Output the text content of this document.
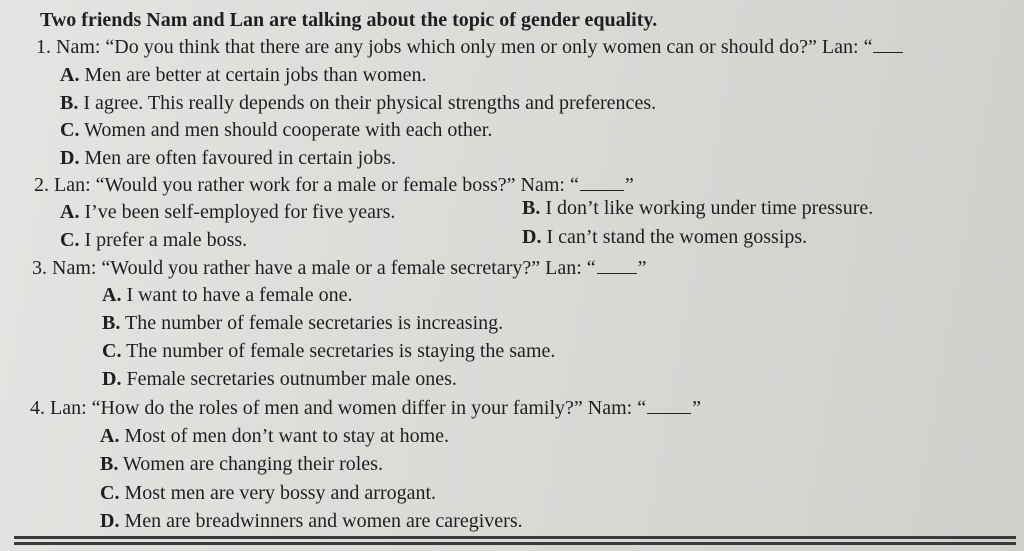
Two friends Nam and Lan are talking about the topic of gender equality.
1. Nam: “Do you think that there are any jobs which only men or only women can or should do?” Lan: “
A. Men are better at certain jobs than women.
B. I agree. This really depends on their physical strengths and preferences.
C. Women and men should cooperate with each other.
D. Men are often favoured in certain jobs.
2. Lan: “Would you rather work for a male or female boss?” Nam: “ ”
A. I’ve been self-employed for five years.	B. I don’t like working under time pressure.
C. I prefer a male boss.	D. I can’t stand the women gossips.
3. Nam: “Would you rather have a male or a female secretary?” Lan: “ ”
A. I want to have a female one.
B. The number of female secretaries is increasing.
C. The number of female secretaries is staying the same.
D. Female secretaries outnumber male ones.
4. Lan: “How do the roles of men and women differ in your family?” Nam: “ ”
A. Most of men don’t want to stay at home.
B. Women are changing their roles.
C. Most men are very bossy and arrogant.
D. Men are breadwinners and women are caregivers.
